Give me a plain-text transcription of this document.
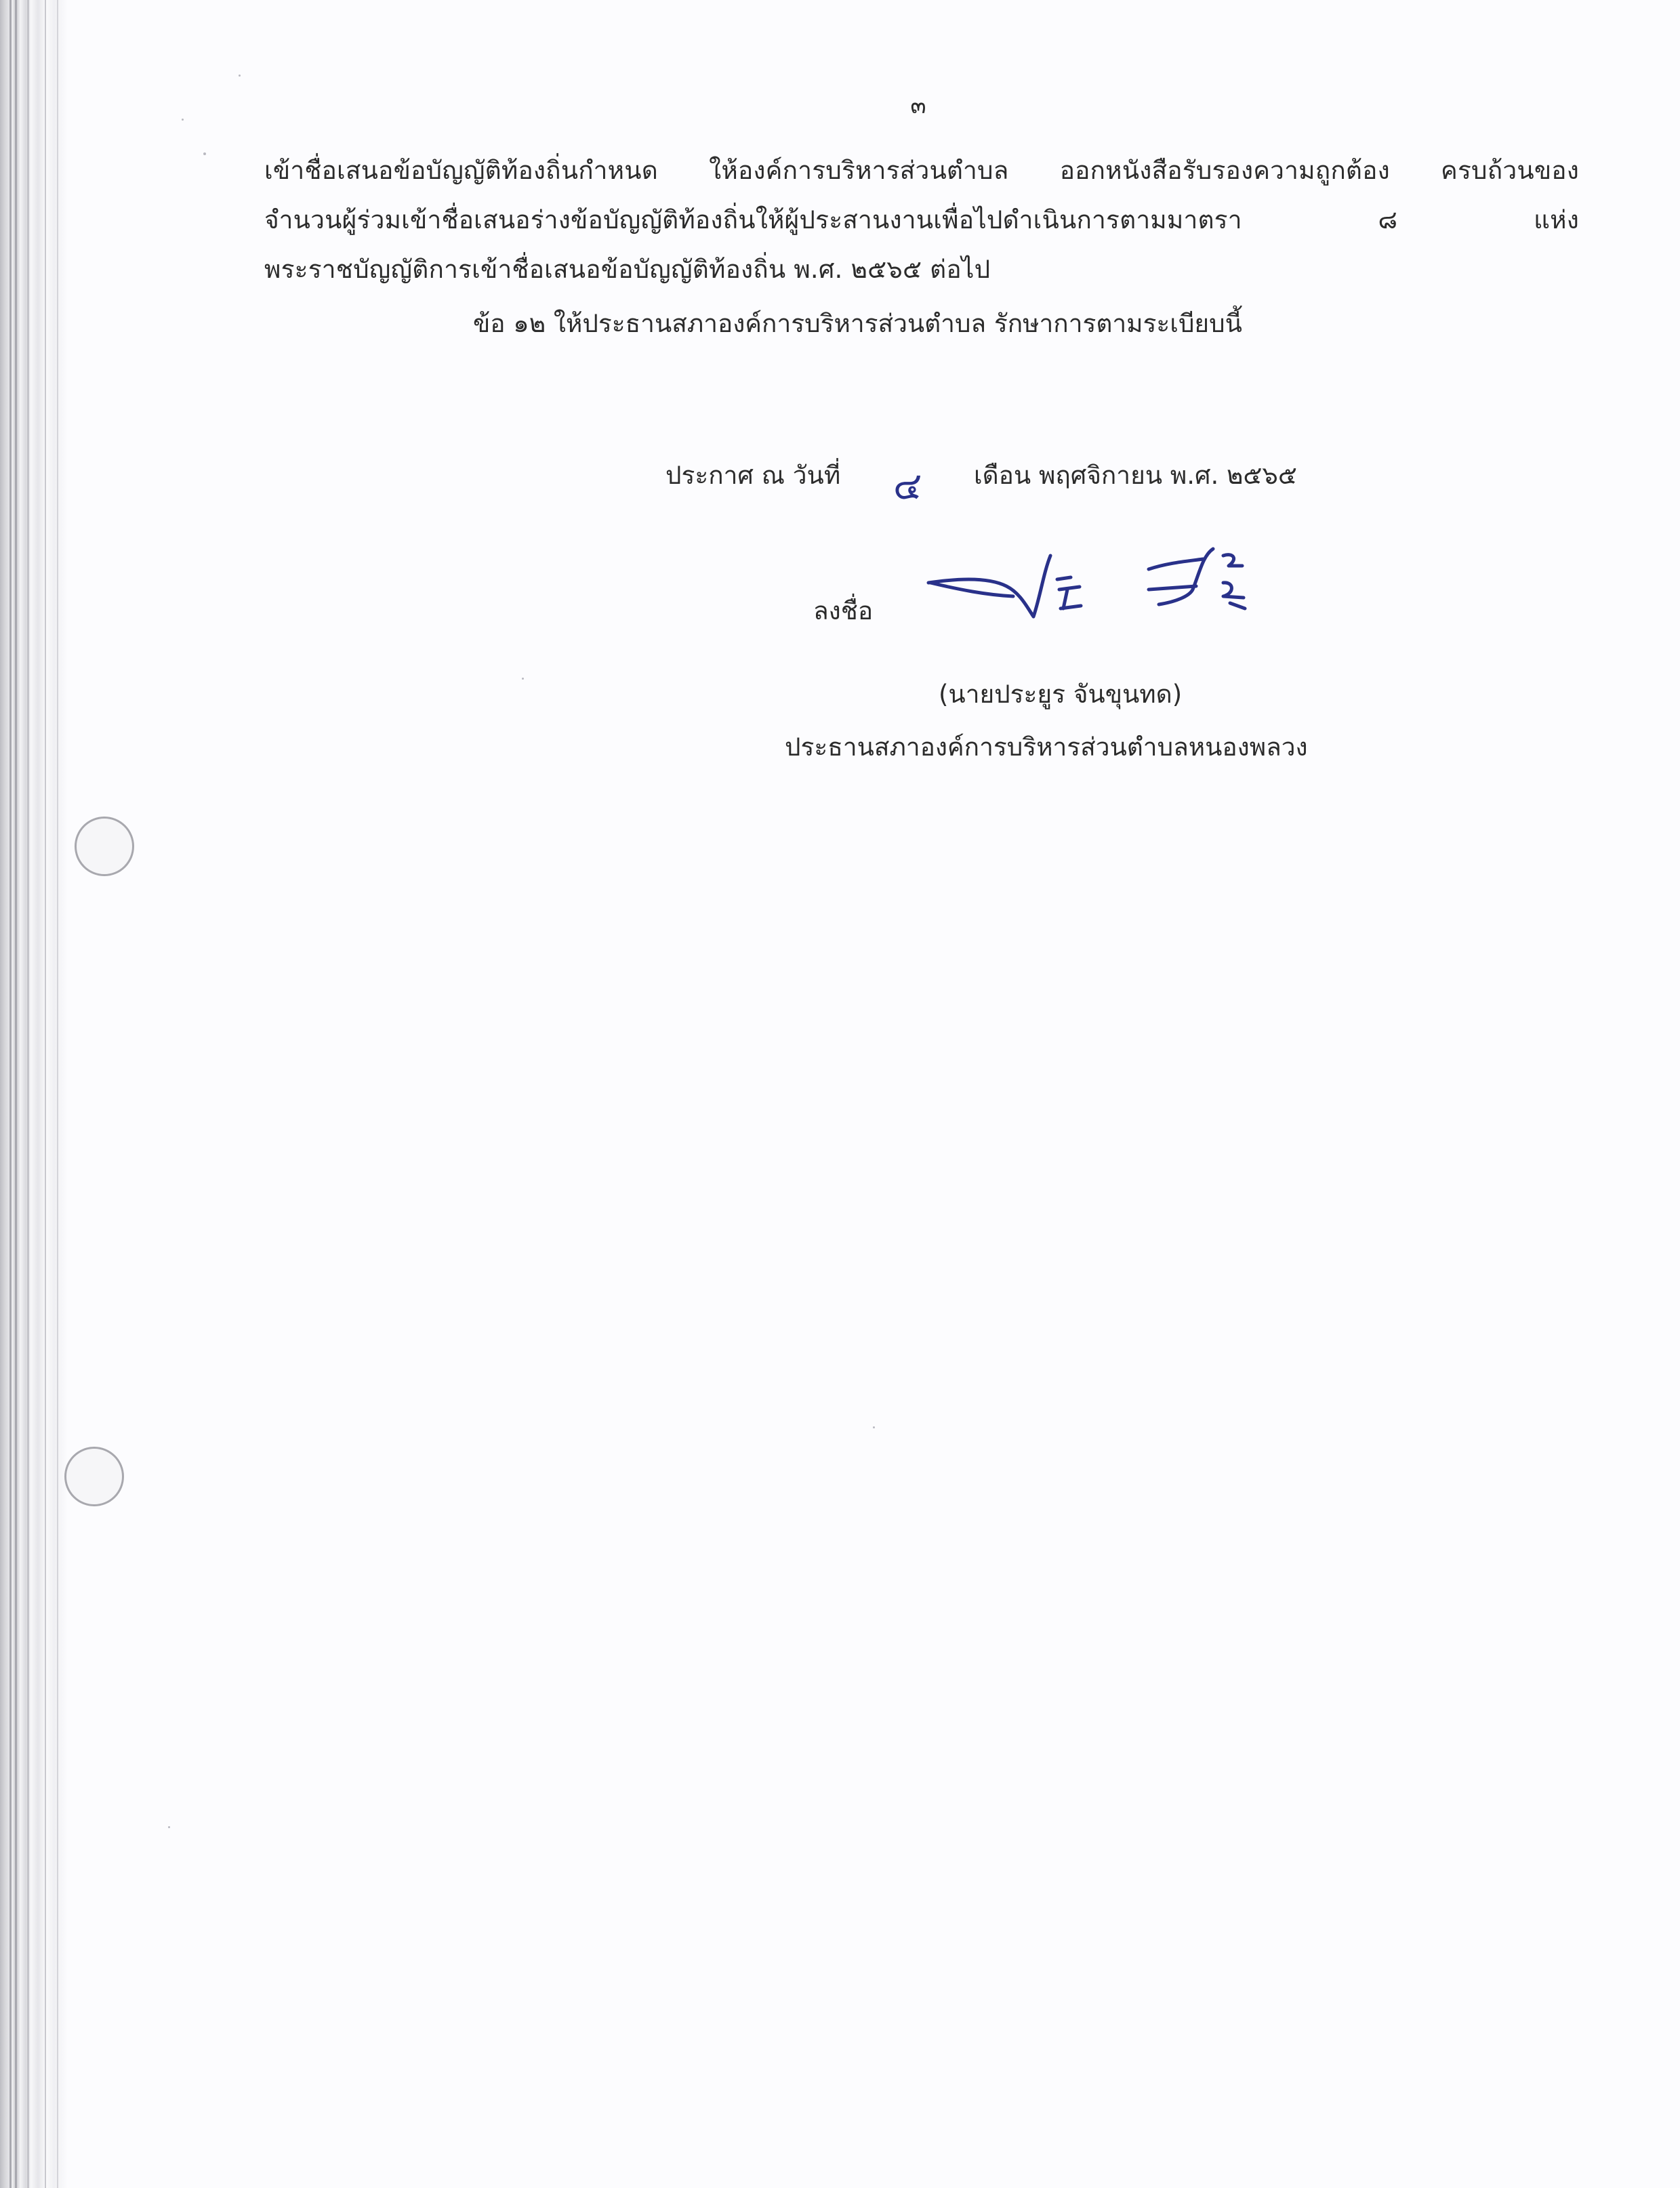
๓
เข้าชื่อเสนอข้อบัญญัติท้องถิ่นกำหนด ให้องค์การบริหารส่วนตำบล ออกหนังสือรับรองความถูกต้อง ครบถ้วนของ
จำนวนผู้ร่วมเข้าชื่อเสนอร่างข้อบัญญัติท้องถิ่นให้ผู้ประสานงานเพื่อไปดำเนินการตามมาตรา ๘ แห่ง
พระราชบัญญัติการเข้าชื่อเสนอข้อบัญญัติท้องถิ่น พ.ศ. ๒๕๖๕ ต่อไป
ข้อ ๑๒ ให้ประธานสภาองค์การบริหารส่วนตำบล รักษาการตามระเบียบนี้
ประกาศ ณ วันที่ ๔ เดือน พฤศจิกายน พ.ศ. ๒๕๖๕
ลงชื่อ
(นายประยูร จันขุนทด)
ประธานสภาองค์การบริหารส่วนตำบลหนองพลวง
